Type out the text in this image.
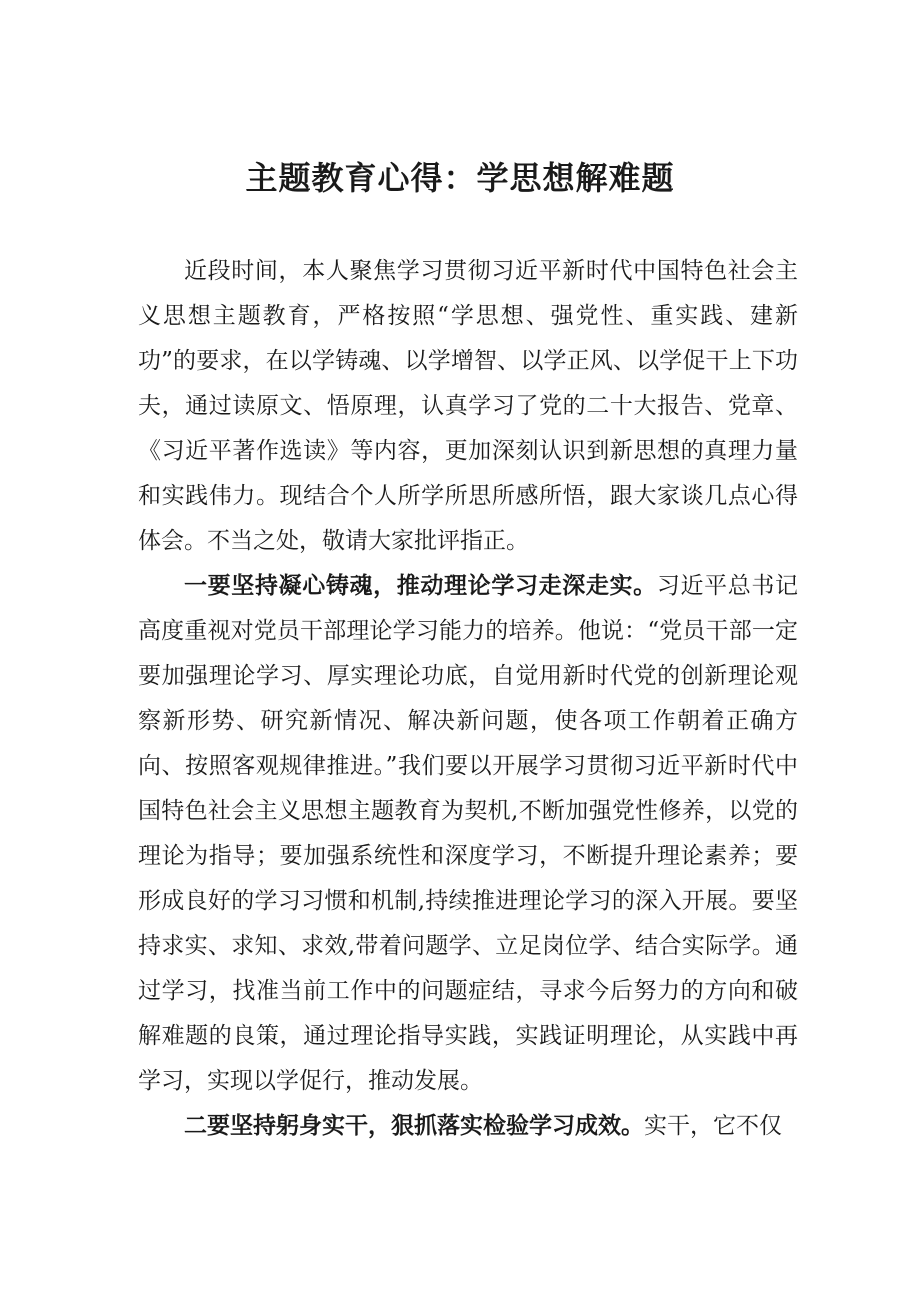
主题教育心得：学思想解难题

近段时间，本人聚焦学习贯彻习近平新时代中国特色社会主义思想主题教育，严格按照“学思想、强党性、重实践、建新功”的要求，在以学铸魂、以学增智、以学正风、以学促干上下功夫，通过读原文、悟原理，认真学习了党的二十大报告、党章、《习近平著作选读》等内容，更加深刻认识到新思想的真理力量和实践伟力。现结合个人所学所思所感所悟，跟大家谈几点心得体会。不当之处，敬请大家批评指正。

一要坚持凝心铸魂，推动理论学习走深走实。习近平总书记高度重视对党员干部理论学习能力的培养。他说：“党员干部一定要加强理论学习、厚实理论功底，自觉用新时代党的创新理论观察新形势、研究新情况、解决新问题，使各项工作朝着正确方向、按照客观规律推进。”我们要以开展学习贯彻习近平新时代中国特色社会主义思想主题教育为契机,不断加强党性修养，以党的理论为指导；要加强系统性和深度学习，不断提升理论素养；要形成良好的学习习惯和机制,持续推进理论学习的深入开展。要坚持求实、求知、求效,带着问题学、立足岗位学、结合实际学。通过学习，找准当前工作中的问题症结，寻求今后努力的方向和破解难题的良策，通过理论指导实践，实践证明理论，从实践中再学习，实现以学促行，推动发展。

二要坚持躬身实干，狠抓落实检验学习成效。实干，它不仅
